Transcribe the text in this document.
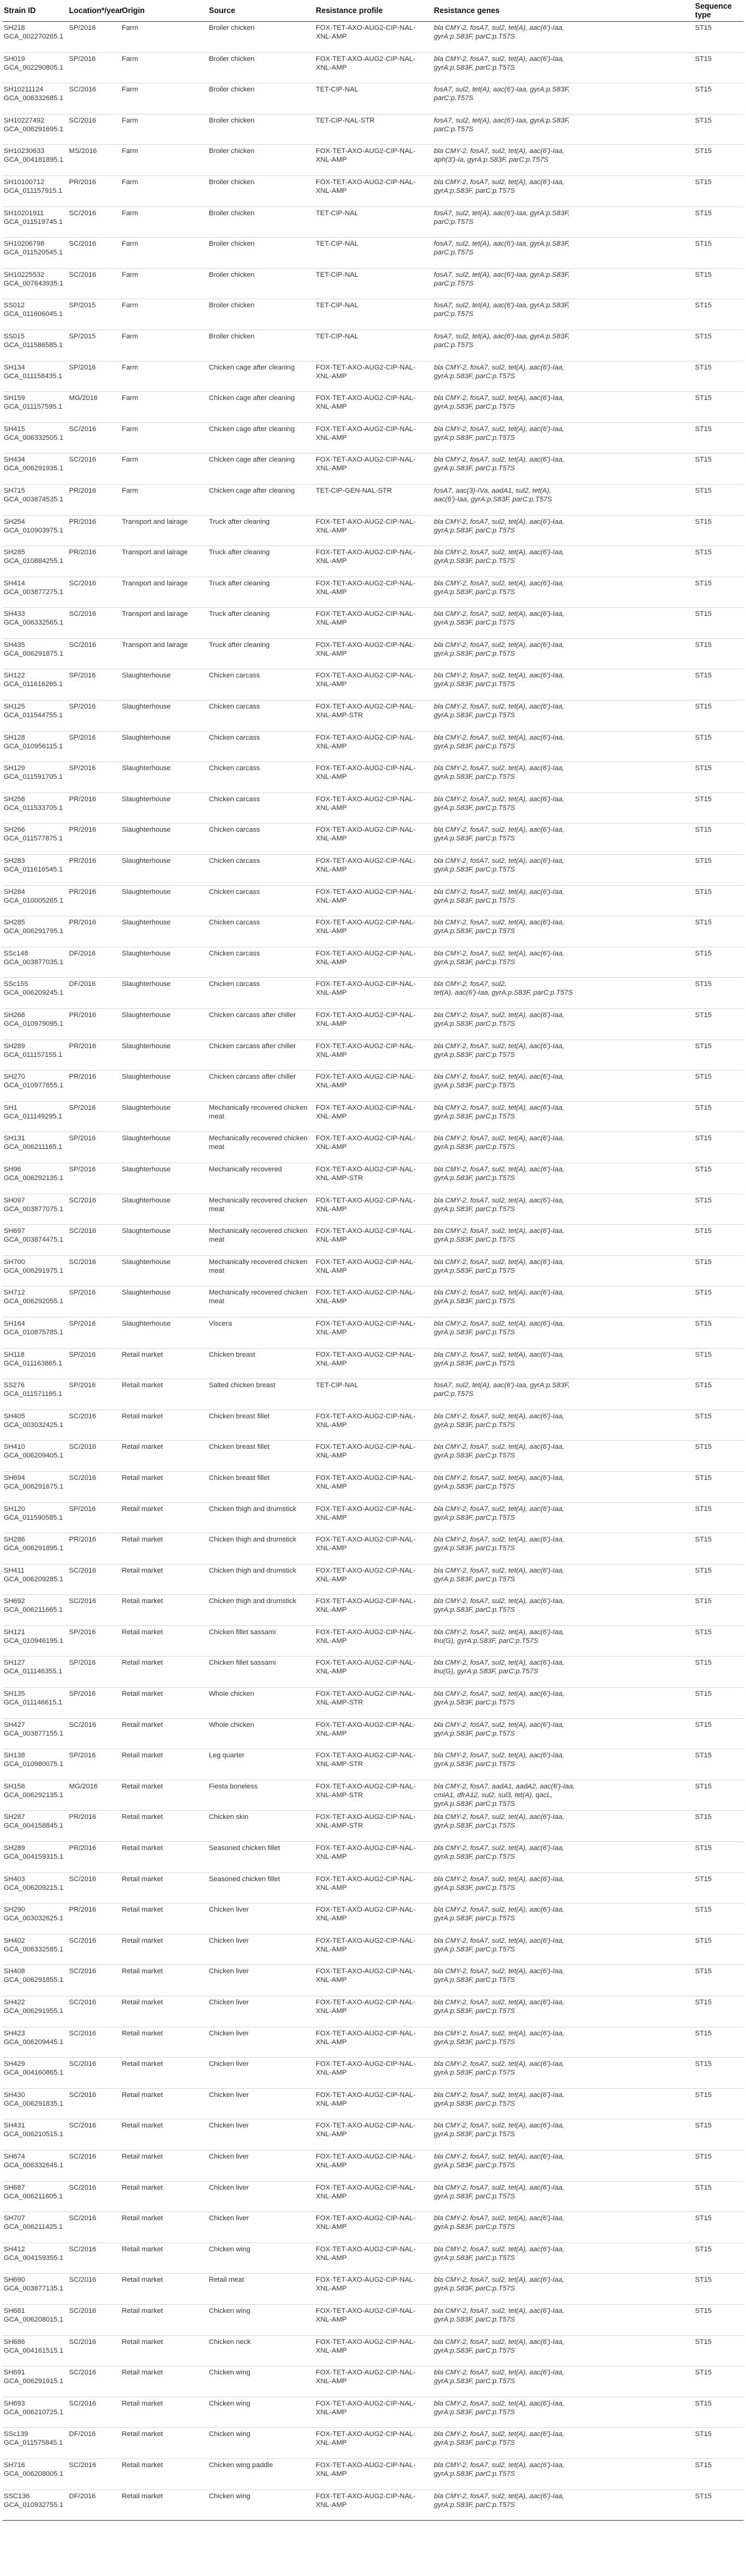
Strain ID	Location*/year	Origin	Source	Resistance profile	Resistance genes	Sequence type

SH218
GCA_002270265.1	SP/2016	Farm	Broiler chicken	FOX-TET-AXO-AUG2-CIP-NAL-
XNL-AMP	bla CMY-2, fosA7, sul2, tet(A), aac(6')-Iaa,
gyrA:p.S83F, parC:p.T57S	ST15

SH019
GCA_002290805.1	SP/2016	Farm	Broiler chicken	FOX-TET-AXO-AUG2-CIP-NAL-
XNL-AMP	bla CMY-2, fosA7, sul2, tet(A), aac(6')-Iaa,
gyrA:p.S83F, parC:p.T57S	ST15

SH10211124
GCA_006332685.1	SC/2016	Farm	Broiler chicken	TET-CIP-NAL	fosA7, sul2, tet(A), aac(6')-Iaa, gyrA:p.S83F,
parC:p.T57S	ST15

SH10227492
GCA_006291695.1	SC/2016	Farm	Broiler chicken	TET-CIP-NAL-STR	fosA7, sul2, tet(A), aac(6')-Iaa, gyrA:p.S83F,
parC:p.T57S	ST15

SH10230633
GCA_004181895.1	MS/2016	Farm	Broiler chicken	FOX-TET-AXO-AUG2-CIP-NAL-
XNL-AMP	bla CMY-2, fosA7, sul2, tet(A), aac(6')-Iaa,
aph(3')-Ia, gyrA:p.S83F, parC:p.T57S	ST15

SH10100712
GCA_011157915.1	PR/2016	Farm	Broiler chicken	FOX-TET-AXO-AUG2-CIP-NAL-
XNL-AMP	bla CMY-2, fosA7, sul2, tet(A), aac(6')-Iaa,
gyrA:p.S83F, parC:p.T57S	ST15

SH10201911
GCA_011519745.1	SC/2016	Farm	Broiler chicken	TET-CIP-NAL	fosA7, sul2, tet(A), aac(6')-Iaa, gyrA:p.S83F,
parC:p.T57S	ST15

SH10206798
GCA_011520545.1	SC/2016	Farm	Broiler chicken	TET-CIP-NAL	fosA7, sul2, tet(A), aac(6')-Iaa, gyrA:p.S83F,
parC:p.T57S	ST15

SH10225532
GCA_007643935.1	SC/2016	Farm	Broiler chicken	TET-CIP-NAL	fosA7, sul2, tet(A), aac(6')-Iaa, gyrA:p.S83F,
parC:p.T57S	ST15

SS012
GCA_011606045.1	SP/2015	Farm	Broiler chicken	TET-CIP-NAL	fosA7, sul2, tet(A), aac(6')-Iaa, gyrA:p.S83F,
parC:p.T57S	ST15

SS015
GCA_011586585.1	SP/2015	Farm	Broiler chicken	TET-CIP-NAL	fosA7, sul2, tet(A), aac(6')-Iaa, gyrA:p.S83F,
parC:p.T57S	ST15

SH134
GCA_011158435.1	SP/2016	Farm	Chicken cage after cleaning	FOX-TET-AXO-AUG2-CIP-NAL-
XNL-AMP	bla CMY-2, fosA7, sul2, tet(A), aac(6')-Iaa,
gyrA:p.S83F, parC:p.T57S	ST15

SH159
GCA_011157595.1	MG/2016	Farm	Chicken cage after cleaning	FOX-TET-AXO-AUG2-CIP-NAL-
XNL-AMP	bla CMY-2, fosA7, sul2, tet(A), aac(6')-Iaa,
gyrA:p.S83F, parC:p.T57S	ST15

SH415
GCA_006332505.1	SC/2016	Farm	Chicken cage after cleaning	FOX-TET-AXO-AUG2-CIP-NAL-
XNL-AMP	bla CMY-2, fosA7, sul2, tet(A), aac(6')-Iaa,
gyrA:p.S83F, parC:p.T57S	ST15

SH434
GCA_006291935.1	SC/2016	Farm	Chicken cage after cleaning	FOX-TET-AXO-AUG2-CIP-NAL-
XNL-AMP	bla CMY-2, fosA7, sul2, tet(A), aac(6')-Iaa,
gyrA:p.S83F, parC:p.T57S	ST15

SH715
GCA_003874535.1	PR/2016	Farm	Chicken cage after cleaning	TET-CIP-GEN-NAL-STR	fosA7, aac(3)-IVa, aadA1, sul2, tet(A),
aac(6')-Iaa, gyrA:p.S83F, parC:p.T57S	ST15

SH254
GCA_010903975.1	PR/2016	Transport and lairage	Truck after cleaning	FOX-TET-AXO-AUG2-CIP-NAL-
XNL-AMP	bla CMY-2, fosA7, sul2, tet(A), aac(6')-Iaa,
gyrA:p.S83F, parC:p.T57S	ST15

SH285
GCA_010884255.1	PR/2016	Transport and lairage	Truck after cleaning	FOX-TET-AXO-AUG2-CIP-NAL-
XNL-AMP	bla CMY-2, fosA7, sul2, tet(A), aac(6')-Iaa,
gyrA:p.S83F, parC:p.T57S	ST15

SH414
GCA_003877275.1	SC/2016	Transport and lairage	Truck after cleaning	FOX-TET-AXO-AUG2-CIP-NAL-
XNL-AMP	bla CMY-2, fosA7, sul2, tet(A), aac(6')-Iaa,
gyrA:p.S83F, parC:p.T57S	ST15

SH433
GCA_006332565.1	SC/2016	Transport and lairage	Truck after cleaning	FOX-TET-AXO-AUG2-CIP-NAL-
XNL-AMP	bla CMY-2, fosA7, sul2, tet(A), aac(6')-Iaa,
gyrA:p.S83F, parC:p.T57S	ST15

SH435
GCA_006291875.1	SC/2016	Transport and lairage	Truck after cleaning	FOX-TET-AXO-AUG2-CIP-NAL-
XNL-AMP	bla CMY-2, fosA7, sul2, tet(A), aac(6')-Iaa,
gyrA:p.S83F, parC:p.T57S	ST15

SH122
GCA_011616265.1	SP/2016	Slaughterhouse	Chicken carcass	FOX-TET-AXO-AUG2-CIP-NAL-
XNL-AMP	bla CMY-2, fosA7, sul2, tet(A), aac(6')-Iaa,
gyrA:p.S83F, parC:p.T57S	ST15

SH125
GCA_011544755.1	SP/2016	Slaughterhouse	Chicken carcass	FOX-TET-AXO-AUG2-CIP-NAL-
XNL-AMP-STR	bla CMY-2, fosA7, sul2, tet(A), aac(6')-Iaa,
gyrA:p.S83F, parC:p.T57S	ST15

SH128
GCA_010956115.1	SP/2016	Slaughterhouse	Chicken carcass	FOX-TET-AXO-AUG2-CIP-NAL-
XNL-AMP	bla CMY-2, fosA7, sul2, tet(A), aac(6')-Iaa,
gyrA:p.S83F, parC:p.T57S	ST15

SH129
GCA_011591705.1	SP/2016	Slaughterhouse	Chicken carcass	FOX-TET-AXO-AUG2-CIP-NAL-
XNL-AMP	bla CMY-2, fosA7, sul2, tet(A), aac(6')-Iaa,
gyrA:p.S83F, parC:p.T57S	ST15

SH258
GCA_011533705.1	PR/2016	Slaughterhouse	Chicken carcass	FOX-TET-AXO-AUG2-CIP-NAL-
XNL-AMP	bla CMY-2, fosA7, sul2, tet(A), aac(6')-Iaa,
gyrA:p.S83F, parC:p.T57S	ST15

SH266
GCA_011577875.1	PR/2016	Slaughterhouse	Chicken carcass	FOX-TET-AXO-AUG2-CIP-NAL-
XNL-AMP	bla CMY-2, fosA7, sul2, tet(A), aac(6')-Iaa,
gyrA:p.S83F, parC:p.T57S	ST15

SH283
GCA_011616545.1	PR/2016	Slaughterhouse	Chicken carcass	FOX-TET-AXO-AUG2-CIP-NAL-
XNL-AMP	bla CMY-2, fosA7, sul2, tet(A), aac(6')-Iaa,
gyrA:p.S83F, parC:p.T57S	ST15

SH284
GCA_010005265.1	PR/2016	Slaughterhouse	Chicken carcass	FOX-TET-AXO-AUG2-CIP-NAL-
XNL-AMP	bla CMY-2, fosA7, sul2, tet(A), aac(6')-Iaa,
gyrA:p.S83F, parC:p.T57S	ST15

SH285
GCA_006291795.1	PR/2016	Slaughterhouse	Chicken carcass	FOX-TET-AXO-AUG2-CIP-NAL-
XNL-AMP	bla CMY-2, fosA7, sul2, tet(A), aac(6')-Iaa,
gyrA:p.S83F, parC:p.T57S	ST15

SSc148
GCA_003877035.1	DF/2016	Slaughterhouse	Chicken carcass	FOX-TET-AXO-AUG2-CIP-NAL-
XNL-AMP	bla CMY-2, fosA7, sul2, tet(A), aac(6')-Iaa,
gyrA:p.S83F, parC:p.T57S	ST15

SSc155
GCA_006209245.1	DF/2016	Slaughterhouse	Chicken carcass	FOX-TET-AXO-AUG2-CIP-NAL-
XNL-AMP	bla CMY-2, fosA7, sul2,
tet(A), aac(6')-Iaa, gyrA:p.S83F, parC:p.T57S	ST15

SH268
GCA_010979095.1	PR/2016	Slaughterhouse	Chicken carcass after chiller	FOX-TET-AXO-AUG2-CIP-NAL-
XNL-AMP	bla CMY-2, fosA7, sul2, tet(A), aac(6')-Iaa,
gyrA:p.S83F, parC:p.T57S	ST15

SH289
GCA_011157155.1	PR/2016	Slaughterhouse	Chicken carcass after chiller	FOX-TET-AXO-AUG2-CIP-NAL-
XNL-AMP	bla CMY-2, fosA7, sul2, tet(A), aac(6')-Iaa,
gyrA:p.S83F, parC:p.T57S	ST15

SH270
GCA_010977655.1	PR/2016	Slaughterhouse	Chicken carcass after chiller	FOX-TET-AXO-AUG2-CIP-NAL-
XNL-AMP	bla CMY-2, fosA7, sul2, tet(A), aac(6')-Iaa,
gyrA:p.S83F, parC:p.T57S	ST15

SH1
GCA_011149295.1	SP/2016	Slaughterhouse	Mechanically recovered chicken
meat	FOX-TET-AXO-AUG2-CIP-NAL-
XNL-AMP	bla CMY-2, fosA7, sul2, tet(A), aac(6')-Iaa,
gyrA:p.S83F, parC:p.T57S	ST15

SH131
GCA_006211165.1	SP/2016	Slaughterhouse	Mechanically recovered chicken
meat	FOX-TET-AXO-AUG2-CIP-NAL-
XNL-AMP	bla CMY-2, fosA7, sul2, tet(A), aac(6')-Iaa,
gyrA:p.S83F, parC:p.T57S	ST15

SH96
GCA_006292135.1	SP/2016	Slaughterhouse	Mechanically recovered	FOX-TET-AXO-AUG2-CIP-NAL-
XNL-AMP-STR	bla CMY-2, fosA7, sul2, tet(A), aac(6')-Iaa,
gyrA:p.S83F, parC:p.T57S	ST15

SH097
GCA_003877075.1	SC/2016	Slaughterhouse	Mechanically recovered chicken
meat	FOX-TET-AXO-AUG2-CIP-NAL-
XNL-AMP	bla CMY-2, fosA7, sul2, tet(A), aac(6')-Iaa,
gyrA:p.S83F, parC:p.T57S	ST15

SH697
GCA_003874475.1	SC/2016	Slaughterhouse	Mechanically recovered chicken
meat	FOX-TET-AXO-AUG2-CIP-NAL-
XNL-AMP	bla CMY-2, fosA7, sul2, tet(A), aac(6')-Iaa,
gyrA:p.S83F, parC:p.T57S	ST15

SH700
GCA_006291975.1	SC/2016	Slaughterhouse	Mechanically recovered chicken
meat	FOX-TET-AXO-AUG2-CIP-NAL-
XNL-AMP	bla CMY-2, fosA7, sul2, tet(A), aac(6')-Iaa,
gyrA:p.S83F, parC:p.T57S	ST15

SH712
GCA_006292055.1	SP/2016	Slaughterhouse	Mechanically recovered chicken
meat	FOX-TET-AXO-AUG2-CIP-NAL-
XNL-AMP	bla CMY-2, fosA7, sul2, tet(A), aac(6')-Iaa,
gyrA:p.S83F, parC:p.T57S	ST15

SH164
GCA_010875785.1	SP/2016	Slaughterhouse	Viscera	FOX-TET-AXO-AUG2-CIP-NAL-
XNL-AMP	bla CMY-2, fosA7, sul2, tet(A), aac(6')-Iaa,
gyrA:p.S83F, parC:p.T57S	ST15

SH118
GCA_011163865.1	SP/2016	Retail market	Chicken breast	FOX-TET-AXO-AUG2-CIP-NAL-
XNL-AMP	bla CMY-2, fosA7, sul2, tet(A), aac(6')-Iaa,
gyrA:p.S83F, parC:p.T57S	ST15

SS276
GCA_011571185.1	SP/2016	Retail market	Salted chicken breast	TET-CIP-NAL	fosA7, sul2, tet(A), aac(6')-Iaa, gyrA:p.S83F,
parC:p.T57S	ST15

SH405
GCA_003032425.1	SC/2016	Retail market	Chicken breast fillet	FOX-TET-AXO-AUG2-CIP-NAL-
XNL-AMP	bla CMY-2, fosA7, sul2, tet(A), aac(6')-Iaa,
gyrA:p.S83F, parC:p.T57S	ST15

SH410
GCA_006209405.1	SC/2016	Retail market	Chicken breast fillet	FOX-TET-AXO-AUG2-CIP-NAL-
XNL-AMP	bla CMY-2, fosA7, sul2, tet(A), aac(6')-Iaa,
gyrA:p.S83F, parC:p.T57S	ST15

SH694
GCA_006291675.1	SC/2016	Retail market	Chicken breast fillet	FOX-TET-AXO-AUG2-CIP-NAL-
XNL-AMP	bla CMY-2, fosA7, sul2, tet(A), aac(6')-Iaa,
gyrA:p.S83F, parC:p.T57S	ST15

SH120
GCA_011590585.1	SP/2016	Retail market	Chicken thigh and drumstick	FOX-TET-AXO-AUG2-CIP-NAL-
XNL-AMP	bla CMY-2, fosA7, sul2, tet(A), aac(6')-Iaa,
gyrA:p.S83F, parC:p.T57S	ST15

SH286
GCA_006291895.1	PR/2016	Retail market	Chicken thigh and drumstick	FOX-TET-AXO-AUG2-CIP-NAL-
XNL-AMP	bla CMY-2, fosA7, sul2, tet(A), aac(6')-Iaa,
gyrA:p.S83F, parC:p.T57S	ST15

SH411
GCA_006209285.1	SC/2016	Retail market	Chicken thigh and drumstick	FOX-TET-AXO-AUG2-CIP-NAL-
XNL-AMP	bla CMY-2, fosA7, sul2, tet(A), aac(6')-Iaa,
gyrA:p.S83F, parC:p.T57S	ST15

SH692
GCA_006211665.1	SC/2016	Retail market	Chicken thigh and drumstick	FOX-TET-AXO-AUG2-CIP-NAL-
XNL-AMP	bla CMY-2, fosA7, sul2, tet(A), aac(6')-Iaa,
gyrA:p.S83F, parC:p.T57S	ST15

SH121
GCA_010946195.1	SP/2016	Retail market	Chicken fillet sassami	FOX-TET-AXO-AUG2-CIP-NAL-
XNL-AMP	bla CMY-2, fosA7, sul2, tet(A), aac(6')-Iaa,
lnu(G), gyrA:p.S83F, parC:p.T57S	ST15

SH127
GCA_011146355.1	SP/2016	Retail market	Chicken fillet sassami	FOX-TET-AXO-AUG2-CIP-NAL-
XNL-AMP	bla CMY-2, fosA7, sul2, tet(A), aac(6')-Iaa,
lnu(G), gyrA:p.S83F, parC:p.T57S	ST15

SH135
GCA_011146615.1	SP/2016	Retail market	Whole chicken	FOX-TET-AXO-AUG2-CIP-NAL-
XNL-AMP-STR	bla CMY-2, fosA7, sul2, tet(A), aac(6')-Iaa,
gyrA:p.S83F, parC:p.T57S	ST15

SH427
GCA_003877155.1	SC/2016	Retail market	Whole chicken	FOX-TET-AXO-AUG2-CIP-NAL-
XNL-AMP	bla CMY-2, fosA7, sul2, tet(A), aac(6')-Iaa,
gyrA:p.S83F, parC:p.T57S	ST15

SH138
GCA_010980075.1	SP/2016	Retail market	Leg quarter	FOX-TET-AXO-AUG2-CIP-NAL-
XNL-AMP-STR	bla CMY-2, fosA7, sul2, tet(A), aac(6')-Iaa,
gyrA:p.S83F, parC:p.T57S	ST15

SH158
GCA_006292135.1	MG/2016	Retail market	Fiesta boneless	FOX-TET-AXO-AUG2-CIP-NAL-
XNL-AMP-STR	bla CMY-2, fosA7, aadA1, aadA2, aac(6')-Iaa,
cmlA1, dfrA12, sul2, sul3, tet(A), qacL,
gyrA:p.S83F, parC:p.T57S	ST15

SH287
GCA_004158845.1	PR/2016	Retail market	Chicken skin	FOX-TET-AXO-AUG2-CIP-NAL-
XNL-AMP-STR	bla CMY-2, fosA7, sul2, tet(A), aac(6')-Iaa,
gyrA:p.S83F, parC:p.T57S	ST15

SH289
GCA_004159315.1	PR/2016	Retail market	Seasoned chicken fillet	FOX-TET-AXO-AUG2-CIP-NAL-
XNL-AMP	bla CMY-2, fosA7, sul2, tet(A), aac(6')-Iaa,
gyrA:p.S83F, parC:p.T57S	ST15

SH403
GCA_006209215.1	SC/2016	Retail market	Seasoned chicken fillet	FOX-TET-AXO-AUG2-CIP-NAL-
XNL-AMP	bla CMY-2, fosA7, sul2, tet(A), aac(6')-Iaa,
gyrA:p.S83F, parC:p.T57S	ST15

SH290
GCA_003032625.1	PR/2016	Retail market	Chicken liver	FOX-TET-AXO-AUG2-CIP-NAL-
XNL-AMP	bla CMY-2, fosA7, sul2, tet(A), aac(6')-Iaa,
gyrA:p.S83F, parC:p.T57S	ST15

SH402
GCA_006332585.1	SC/2016	Retail market	Chicken liver	FOX-TET-AXO-AUG2-CIP-NAL-
XNL-AMP	bla CMY-2, fosA7, sul2, tet(A), aac(6')-Iaa,
gyrA:p.S83F, parC:p.T57S	ST15

SH408
GCA_006291855.1	SC/2016	Retail market	Chicken liver	FOX-TET-AXO-AUG2-CIP-NAL-
XNL-AMP	bla CMY-2, fosA7, sul2, tet(A), aac(6')-Iaa,
gyrA:p.S83F, parC:p.T57S	ST15

SH422
GCA_006291955.1	SC/2016	Retail market	Chicken liver	FOX-TET-AXO-AUG2-CIP-NAL-
XNL-AMP	bla CMY-2, fosA7, sul2, tet(A), aac(6')-Iaa,
gyrA:p.S83F, parC:p.T57S	ST15

SH423
GCA_006209445.1	SC/2016	Retail market	Chicken liver	FOX-TET-AXO-AUG2-CIP-NAL-
XNL-AMP	bla CMY-2, fosA7, sul2, tet(A), aac(6')-Iaa,
gyrA:p.S83F, parC:p.T57S	ST15

SH429
GCA_004160865.1	SC/2016	Retail market	Chicken liver	FOX-TET-AXO-AUG2-CIP-NAL-
XNL-AMP	bla CMY-2, fosA7, sul2, tet(A), aac(6')-Iaa,
gyrA:p.S83F, parC:p.T57S	ST15

SH430
GCA_006291835.1	SC/2016	Retail market	Chicken liver	FOX-TET-AXO-AUG2-CIP-NAL-
XNL-AMP	bla CMY-2, fosA7, sul2, tet(A), aac(6')-Iaa,
gyrA:p.S83F, parC:p.T57S	ST15

SH431
GCA_006210515.1	SC/2016	Retail market	Chicken liver	FOX-TET-AXO-AUG2-CIP-NAL-
XNL-AMP	bla CMY-2, fosA7, sul2, tet(A), aac(6')-Iaa,
gyrA:p.S83F, parC:p.T57S	ST15

SH674
GCA_006332645.1	SC/2016	Retail market	Chicken liver	FOX-TET-AXO-AUG2-CIP-NAL-
XNL-AMP	bla CMY-2, fosA7, sul2, tet(A), aac(6')-Iaa,
gyrA:p.S83F, parC:p.T57S	ST15

SH687
GCA_006211605.1	SC/2016	Retail market	Chicken liver	FOX-TET-AXO-AUG2-CIP-NAL-
XNL-AMP	bla CMY-2, fosA7, sul2, tet(A), aac(6')-Iaa,
gyrA:p.S83F, parC:p.T57S	ST15

SH707
GCA_006211425.1	SC/2016	Retail market	Chicken liver	FOX-TET-AXO-AUG2-CIP-NAL-
XNL-AMP	bla CMY-2, fosA7, sul2, tet(A), aac(6')-Iaa,
gyrA:p.S83F, parC:p.T57S	ST15

SH412
GCA_004159355.1	SC/2016	Retail market	Chicken wing	FOX-TET-AXO-AUG2-CIP-NAL-
XNL-AMP	bla CMY-2, fosA7, sul2, tet(A), aac(6')-Iaa,
gyrA:p.S83F, parC:p.T57S	ST15

SH690
GCA_003877135.1	SC/2016	Retail market	Retail meat	FOX-TET-AXO-AUG2-CIP-NAL-
XNL-AMP	bla CMY-2, fosA7, sul2, tet(A), aac(6')-Iaa,
gyrA:p.S83F, parC:p.T57S	ST15

SH681
GCA_006208015.1	SC/2016	Retail market	Chicken wing	FOX-TET-AXO-AUG2-CIP-NAL-
XNL-AMP	bla CMY-2, fosA7, sul2, tet(A), aac(6')-Iaa,
gyrA:p.S83F, parC:p.T57S	ST15

SH686
GCA_004161515.1	SC/2016	Retail market	Chicken neck	FOX-TET-AXO-AUG2-CIP-NAL-
XNL-AMP	bla CMY-2, fosA7, sul2, tet(A), aac(6')-Iaa,
gyrA:p.S83F, parC:p.T57S	ST15

SH691
GCA_006291915.1	SC/2016	Retail market	Chicken wing	FOX-TET-AXO-AUG2-CIP-NAL-
XNL-AMP	bla CMY-2, fosA7, sul2, tet(A), aac(6')-Iaa,
gyrA:p.S83F, parC:p.T57S	ST15

SH693
GCA_006210725.1	SC/2016	Retail market	Chicken wing	FOX-TET-AXO-AUG2-CIP-NAL-
XNL-AMP	bla CMY-2, fosA7, sul2, tet(A), aac(6')-Iaa,
gyrA:p.S83F, parC:p.T57S	ST15

SSc139
GCA_011575845.1	DF/2016	Retail market	Chicken wing	FOX-TET-AXO-AUG2-CIP-NAL-
XNL-AMP	bla CMY-2, fosA7, sul2, tet(A), aac(6')-Iaa,
gyrA:p.S83F, parC:p.T57S	ST15

SH716
GCA_006208005.1	SC/2016	Retail market	Chicken wing paddle	FOX-TET-AXO-AUG2-CIP-NAL-
XNL-AMP	bla CMY-2, fosA7, sul2, tet(A), aac(6')-Iaa,
gyrA:p.S83F, parC:p.T57S	ST15

SSC136
GCA_010932755.1	DF/2016	Retail market	Chicken wing	FOX-TET-AXO-AUG2-CIP-NAL-
XNL-AMP	bla CMY-2, fosA7, sul2, tet(A), aac(6')-Iaa,
gyrA:p.S83F, parC:p.T57S	ST15
